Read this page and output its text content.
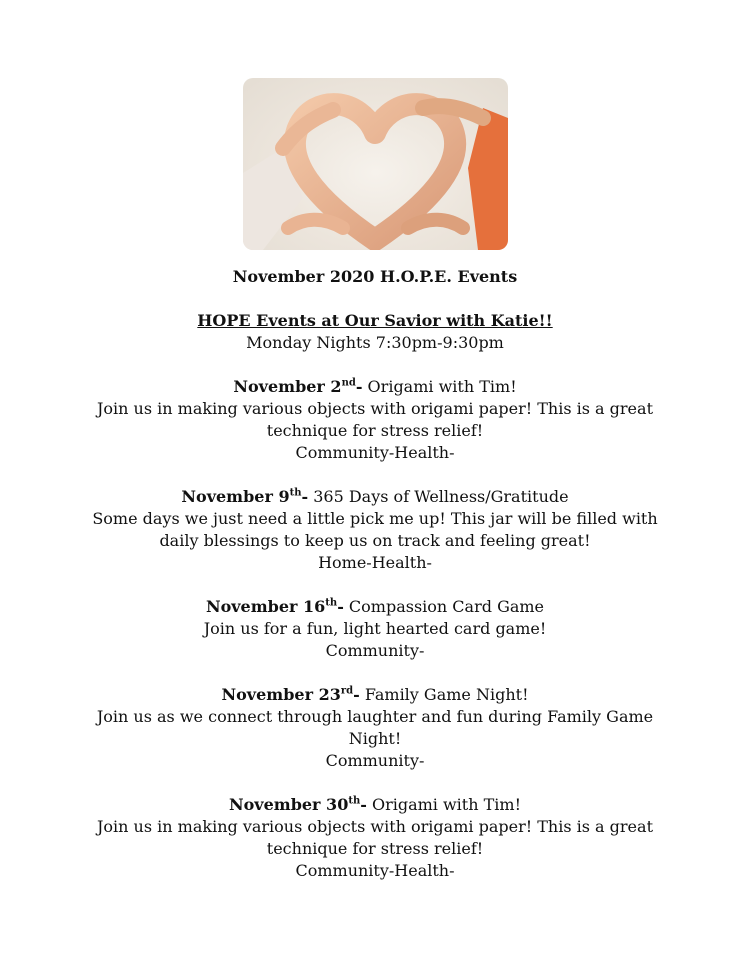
November 2020 H.O.P.E. Events

HOPE Events at Our Savior with Katie!!

Monday Nights 7:30pm-9:30pm

November 2nd- Origami with Tim!

Join us in making various objects with origami paper! This is a great technique for stress relief!

Community-Health-

November 9th- 365 Days of Wellness/Gratitude

Some days we just need a little pick me up! This jar will be filled with daily blessings to keep us on track and feeling great!

Home-Health-

November 16th- Compassion Card Game

Join us for a fun, light hearted card game!

Community-

November 23rd- Family Game Night!

Join us as we connect through laughter and fun during Family Game Night!

Community-

November 30th- Origami with Tim!

Join us in making various objects with origami paper! This is a great technique for stress relief!

Community-Health-
